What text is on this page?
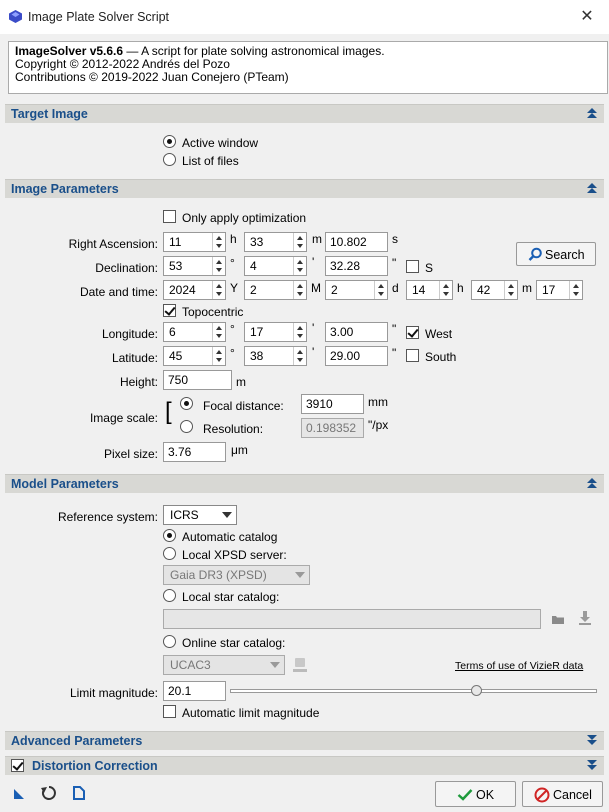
Image Plate Solver Script	✕
ImageSolver v5.6.6 — A script for plate solving astronomical images.
Copyright © 2012-2022 Andrés del Pozo
Contributions © 2019-2022 Juan Conejero (PTeam)
Target Image
Active window
List of files
Image Parameters
Only apply optimization
Right Ascension: 11	h 33	m 10.802	s
Search
Declination: 53	° 4	'	32.28	" S
Date and time: 2024	Y 2	M 2	d 14	h 42	m 17
Topocentric
Longitude: 6	° 17	'	3.00	" West
Latitude: 45	° 38	'	29.00	" South
Height: 750	m
Image scale: [	Focal distance:	3910	mm
Resolution:	0.198352 "/px
Pixel size: 3.76	μm
Model Parameters
Reference system: ICRS
Automatic catalog
Local XPSD server:
Gaia DR3 (XPSD)
Local star catalog:
Online star catalog:
UCAC3	Terms of use of VizieR data
Limit magnitude: 20.1
Automatic limit magnitude
Advanced Parameters
Distortion Correction
OK	Cancel
